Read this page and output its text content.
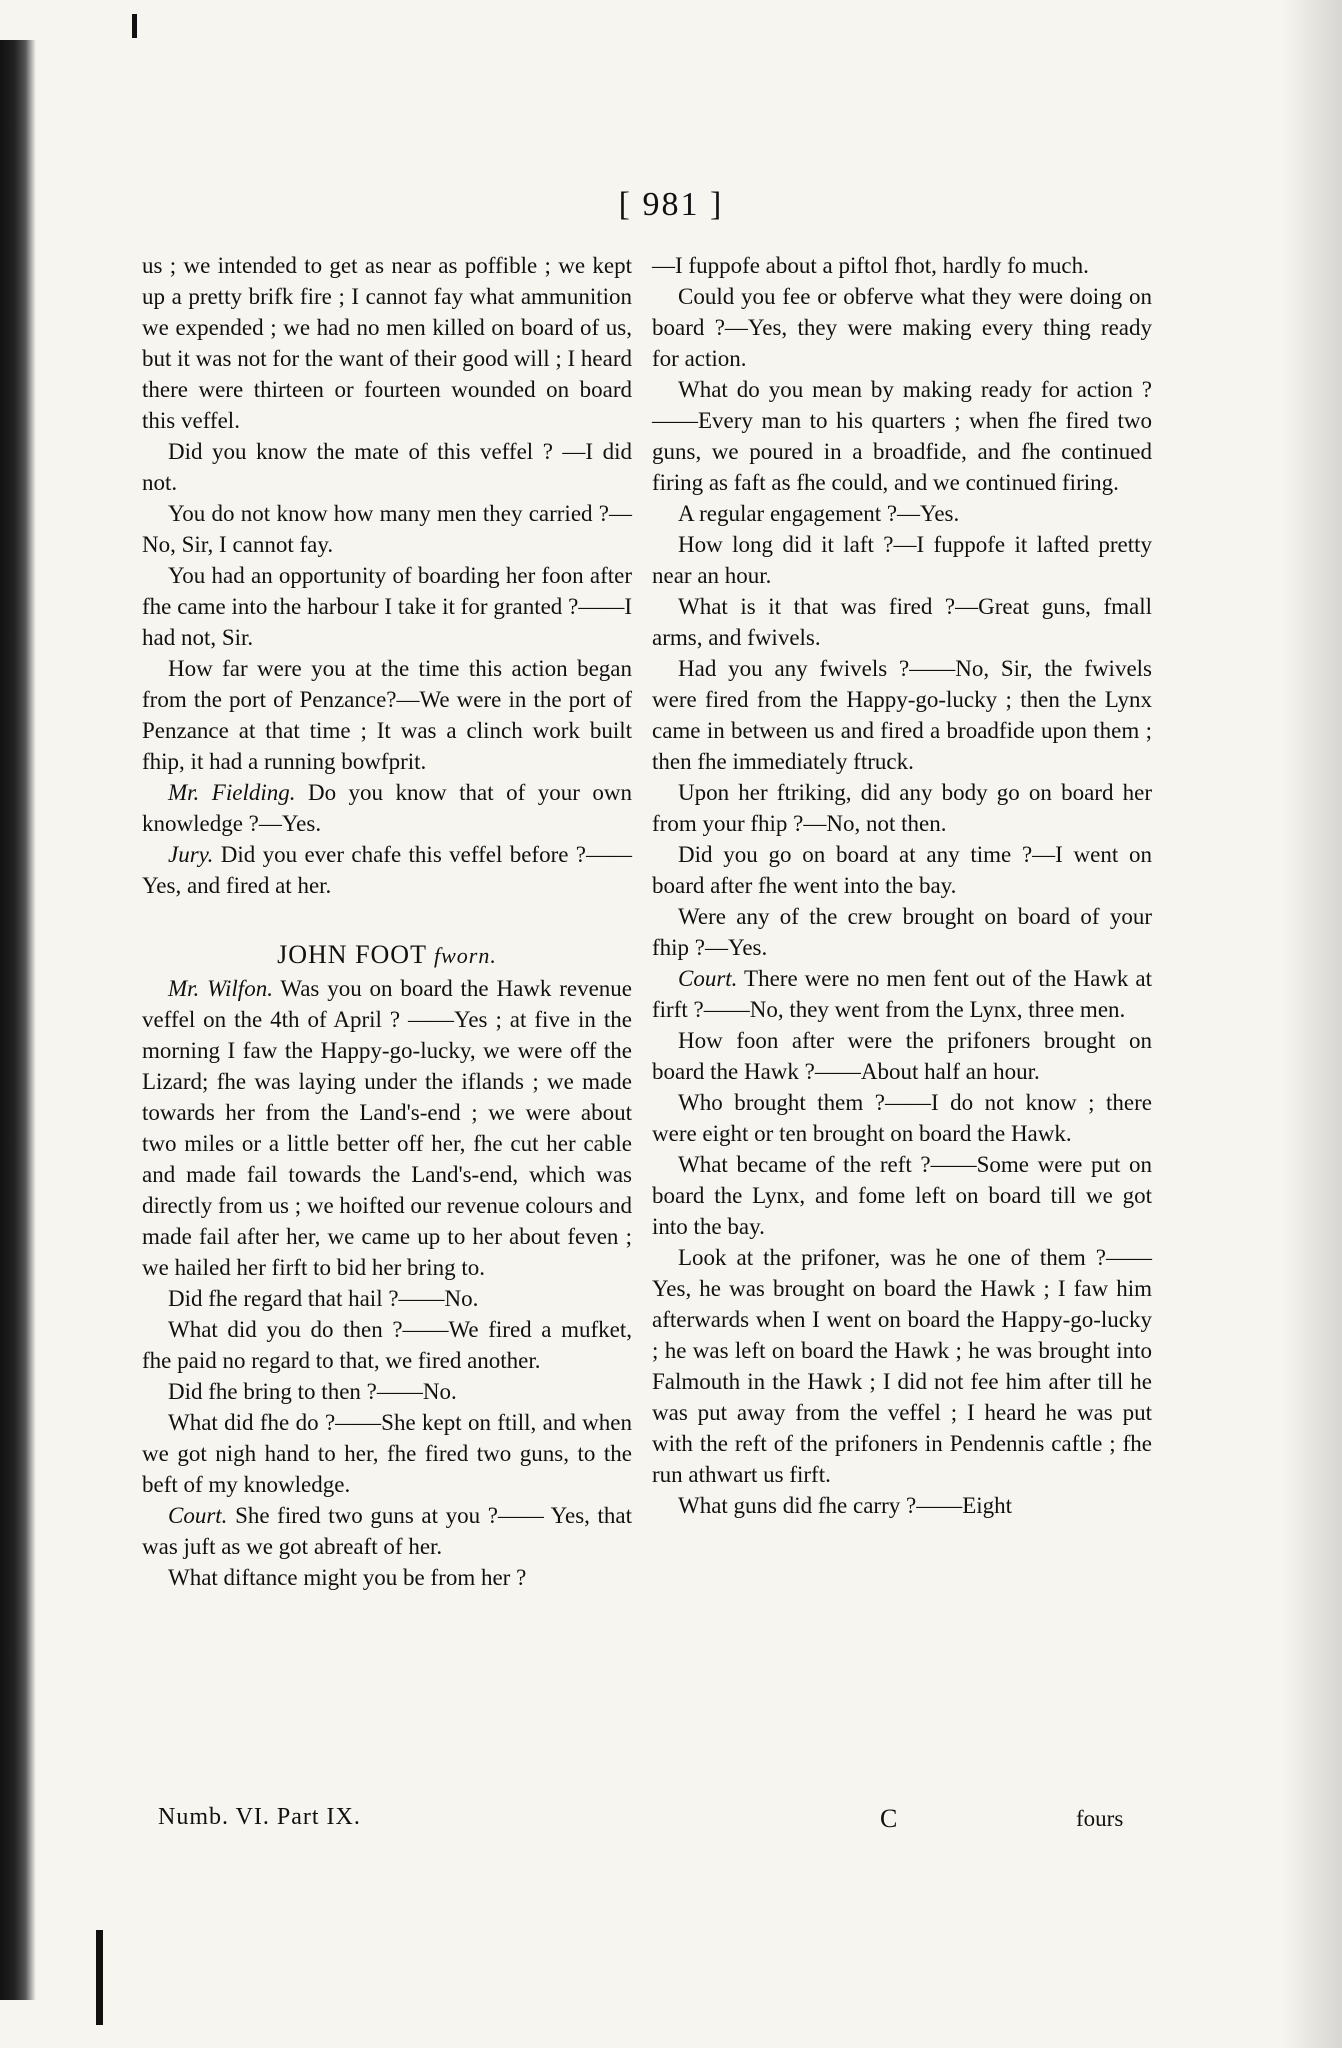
[ 981 ]

us ; we intended to get as near as poffible ; we kept up a pretty brifk fire ; I cannot fay what ammunition we expended ; we had no men killed on board of us, but it was not for the want of their good will ; I heard there were thirteen or fourteen wounded on board this veffel.

Did you know the mate of this veffel ? —I did not.

You do not know how many men they carried ?—No, Sir, I cannot fay.

You had an opportunity of boarding her foon after fhe came into the harbour I take it for granted ?——I had not, Sir.

How far were you at the time this action began from the port of Penzance?—We were in the port of Penzance at that time ; It was a clinch work built fhip, it had a running bowfprit.

Mr. Fielding. Do you know that of your own knowledge ?—Yes.

Jury. Did you ever chafe this veffel before ?——Yes, and fired at her.

JOHN FOOT fworn.

Mr. Wilfon. Was you on board the Hawk revenue veffel on the 4th of April ? ——Yes ; at five in the morning I faw the Happy-go-lucky, we were off the Lizard; fhe was laying under the iflands ; we made towards her from the Land's-end ; we were about two miles or a little better off her, fhe cut her cable and made fail towards the Land's-end, which was directly from us ; we hoifted our revenue colours and made fail after her, we came up to her about feven ; we hailed her firft to bid her bring to.

Did fhe regard that hail ?——No.

What did you do then ?——We fired a mufket, fhe paid no regard to that, we fired another.

Did fhe bring to then ?——No.

What did fhe do ?——She kept on ftill, and when we got nigh hand to her, fhe fired two guns, to the beft of my knowledge.

Court. She fired two guns at you ?—— Yes, that was juft as we got abreaft of her.

What diftance might you be from her ?

—I fuppofe about a piftol fhot, hardly fo much.

Could you fee or obferve what they were doing on board ?—Yes, they were making every thing ready for action.

What do you mean by making ready for action ?——Every man to his quarters ; when fhe fired two guns, we poured in a broadfide, and fhe continued firing as faft as fhe could, and we continued firing.

A regular engagement ?—Yes.

How long did it laft ?—I fuppofe it lafted pretty near an hour.

What is it that was fired ?—Great guns, fmall arms, and fwivels.

Had you any fwivels ?——No, Sir, the fwivels were fired from the Happy-go-lucky ; then the Lynx came in between us and fired a broadfide upon them ; then fhe immediately ftruck.

Upon her ftriking, did any body go on board her from your fhip ?—No, not then.

Did you go on board at any time ?—I went on board after fhe went into the bay.

Were any of the crew brought on board of your fhip ?—Yes.

Court. There were no men fent out of the Hawk at firft ?——No, they went from the Lynx, three men.

How foon after were the prifoners brought on board the Hawk ?——About half an hour.

Who brought them ?——I do not know ; there were eight or ten brought on board the Hawk.

What became of the reft ?——Some were put on board the Lynx, and fome left on board till we got into the bay.

Look at the prifoner, was he one of them ?——Yes, he was brought on board the Hawk ; I faw him afterwards when I went on board the Happy-go-lucky ; he was left on board the Hawk ; he was brought into Falmouth in the Hawk ; I did not fee him after till he was put away from the veffel ; I heard he was put with the reft of the prifoners in Pendennis caftle ; fhe run athwart us firft.

What guns did fhe carry ?——Eight

Numb. VI. Part IX.	C	fours
